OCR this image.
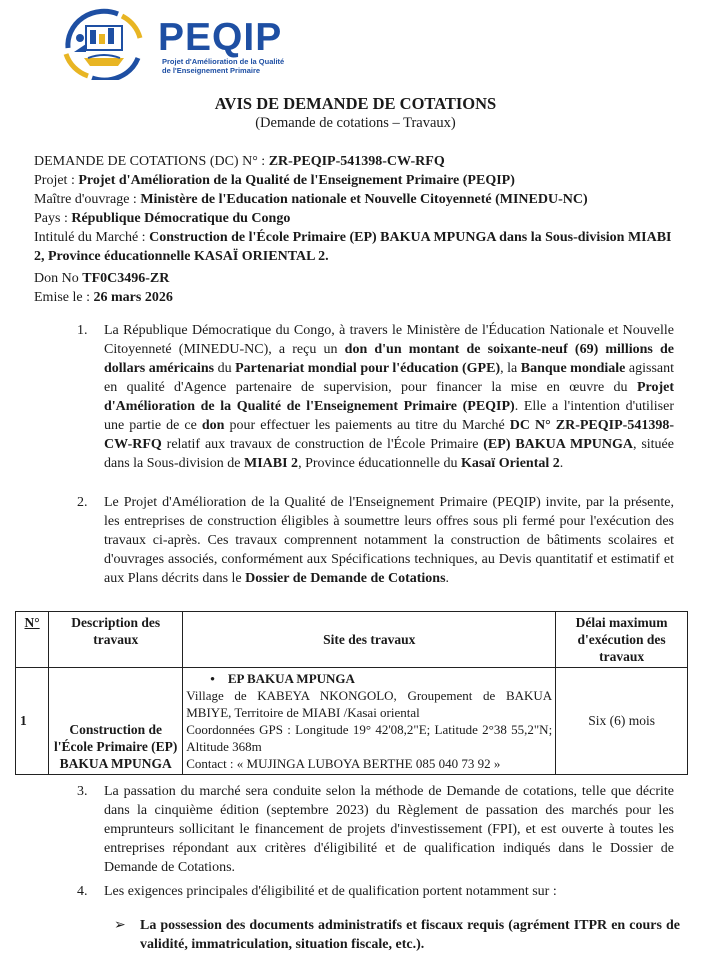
PEQIP
Projet d'Amélioration de la Qualité
de l'Enseignement Primaire
AVIS DE DEMANDE DE COTATIONS
(Demande de cotations – Travaux)
DEMANDE DE COTATIONS (DC) N° : ZR-PEQIP-541398-CW-RFQ
Projet : Projet d'Amélioration de la Qualité de l'Enseignement Primaire (PEQIP)
Maître d'ouvrage : Ministère de l'Education nationale et Nouvelle Citoyenneté (MINEDU-NC)
Pays : République Démocratique du Congo
Intitulé du Marché : Construction de l'École Primaire (EP) BAKUA MPUNGA dans la Sous-division MIABI 2, Province éducationnelle KASAÏ ORIENTAL 2.
Don No TF0C3496-ZR
Emise le : 26 mars 2026
1. La République Démocratique du Congo, à travers le Ministère de l'Éducation Nationale et Nouvelle Citoyenneté (MINEDU-NC), a reçu un don d'un montant de soixante-neuf (69) millions de dollars américains du Partenariat mondial pour l'éducation (GPE), la Banque mondiale agissant en qualité d'Agence partenaire de supervision, pour financer la mise en œuvre du Projet d'Amélioration de la Qualité de l'Enseignement Primaire (PEQIP). Elle a l'intention d'utiliser une partie de ce don pour effectuer les paiements au titre du Marché DC N° ZR-PEQIP-541398-CW-RFQ relatif aux travaux de construction de l'École Primaire (EP) BAKUA MPUNGA, située dans la Sous-division de MIABI 2, Province éducationnelle du Kasaï Oriental 2.
2. Le Projet d'Amélioration de la Qualité de l'Enseignement Primaire (PEQIP) invite, par la présente, les entreprises de construction éligibles à soumettre leurs offres sous pli fermé pour l'exécution des travaux ci-après. Ces travaux comprennent notamment la construction de bâtiments scolaires et d'ouvrages associés, conformément aux Spécifications techniques, au Devis quantitatif et estimatif et aux Plans décrits dans le Dossier de Demande de Cotations.
N°	Description des travaux	Site des travaux	Délai maximum d'exécution des travaux
1	Construction de l'École Primaire (EP) BAKUA MPUNGA	•    EP BAKUA MPUNGA
Village de KABEYA NKONGOLO, Groupement de BAKUA MBIYE, Territoire de MIABI /Kasai oriental
Coordonnées GPS : Longitude 19° 42'08,2"E; Latitude 2°38 55,2"N; Altitude 368m
Contact : « MUJINGA LUBOYA BERTHE 085 040 73 92 »	Six (6) mois
3. La passation du marché sera conduite selon la méthode de Demande de cotations, telle que décrite dans la cinquième édition (septembre 2023) du Règlement de passation des marchés pour les emprunteurs sollicitant le financement de projets d'investissement (FPI), et est ouverte à toutes les entreprises répondant aux critères d'éligibilité et de qualification indiqués dans le Dossier de Demande de Cotations.
4. Les exigences principales d'éligibilité et de qualification portent notamment sur :
➢ La possession des documents administratifs et fiscaux requis (agrément ITPR en cours de validité, immatriculation, situation fiscale, etc.).
